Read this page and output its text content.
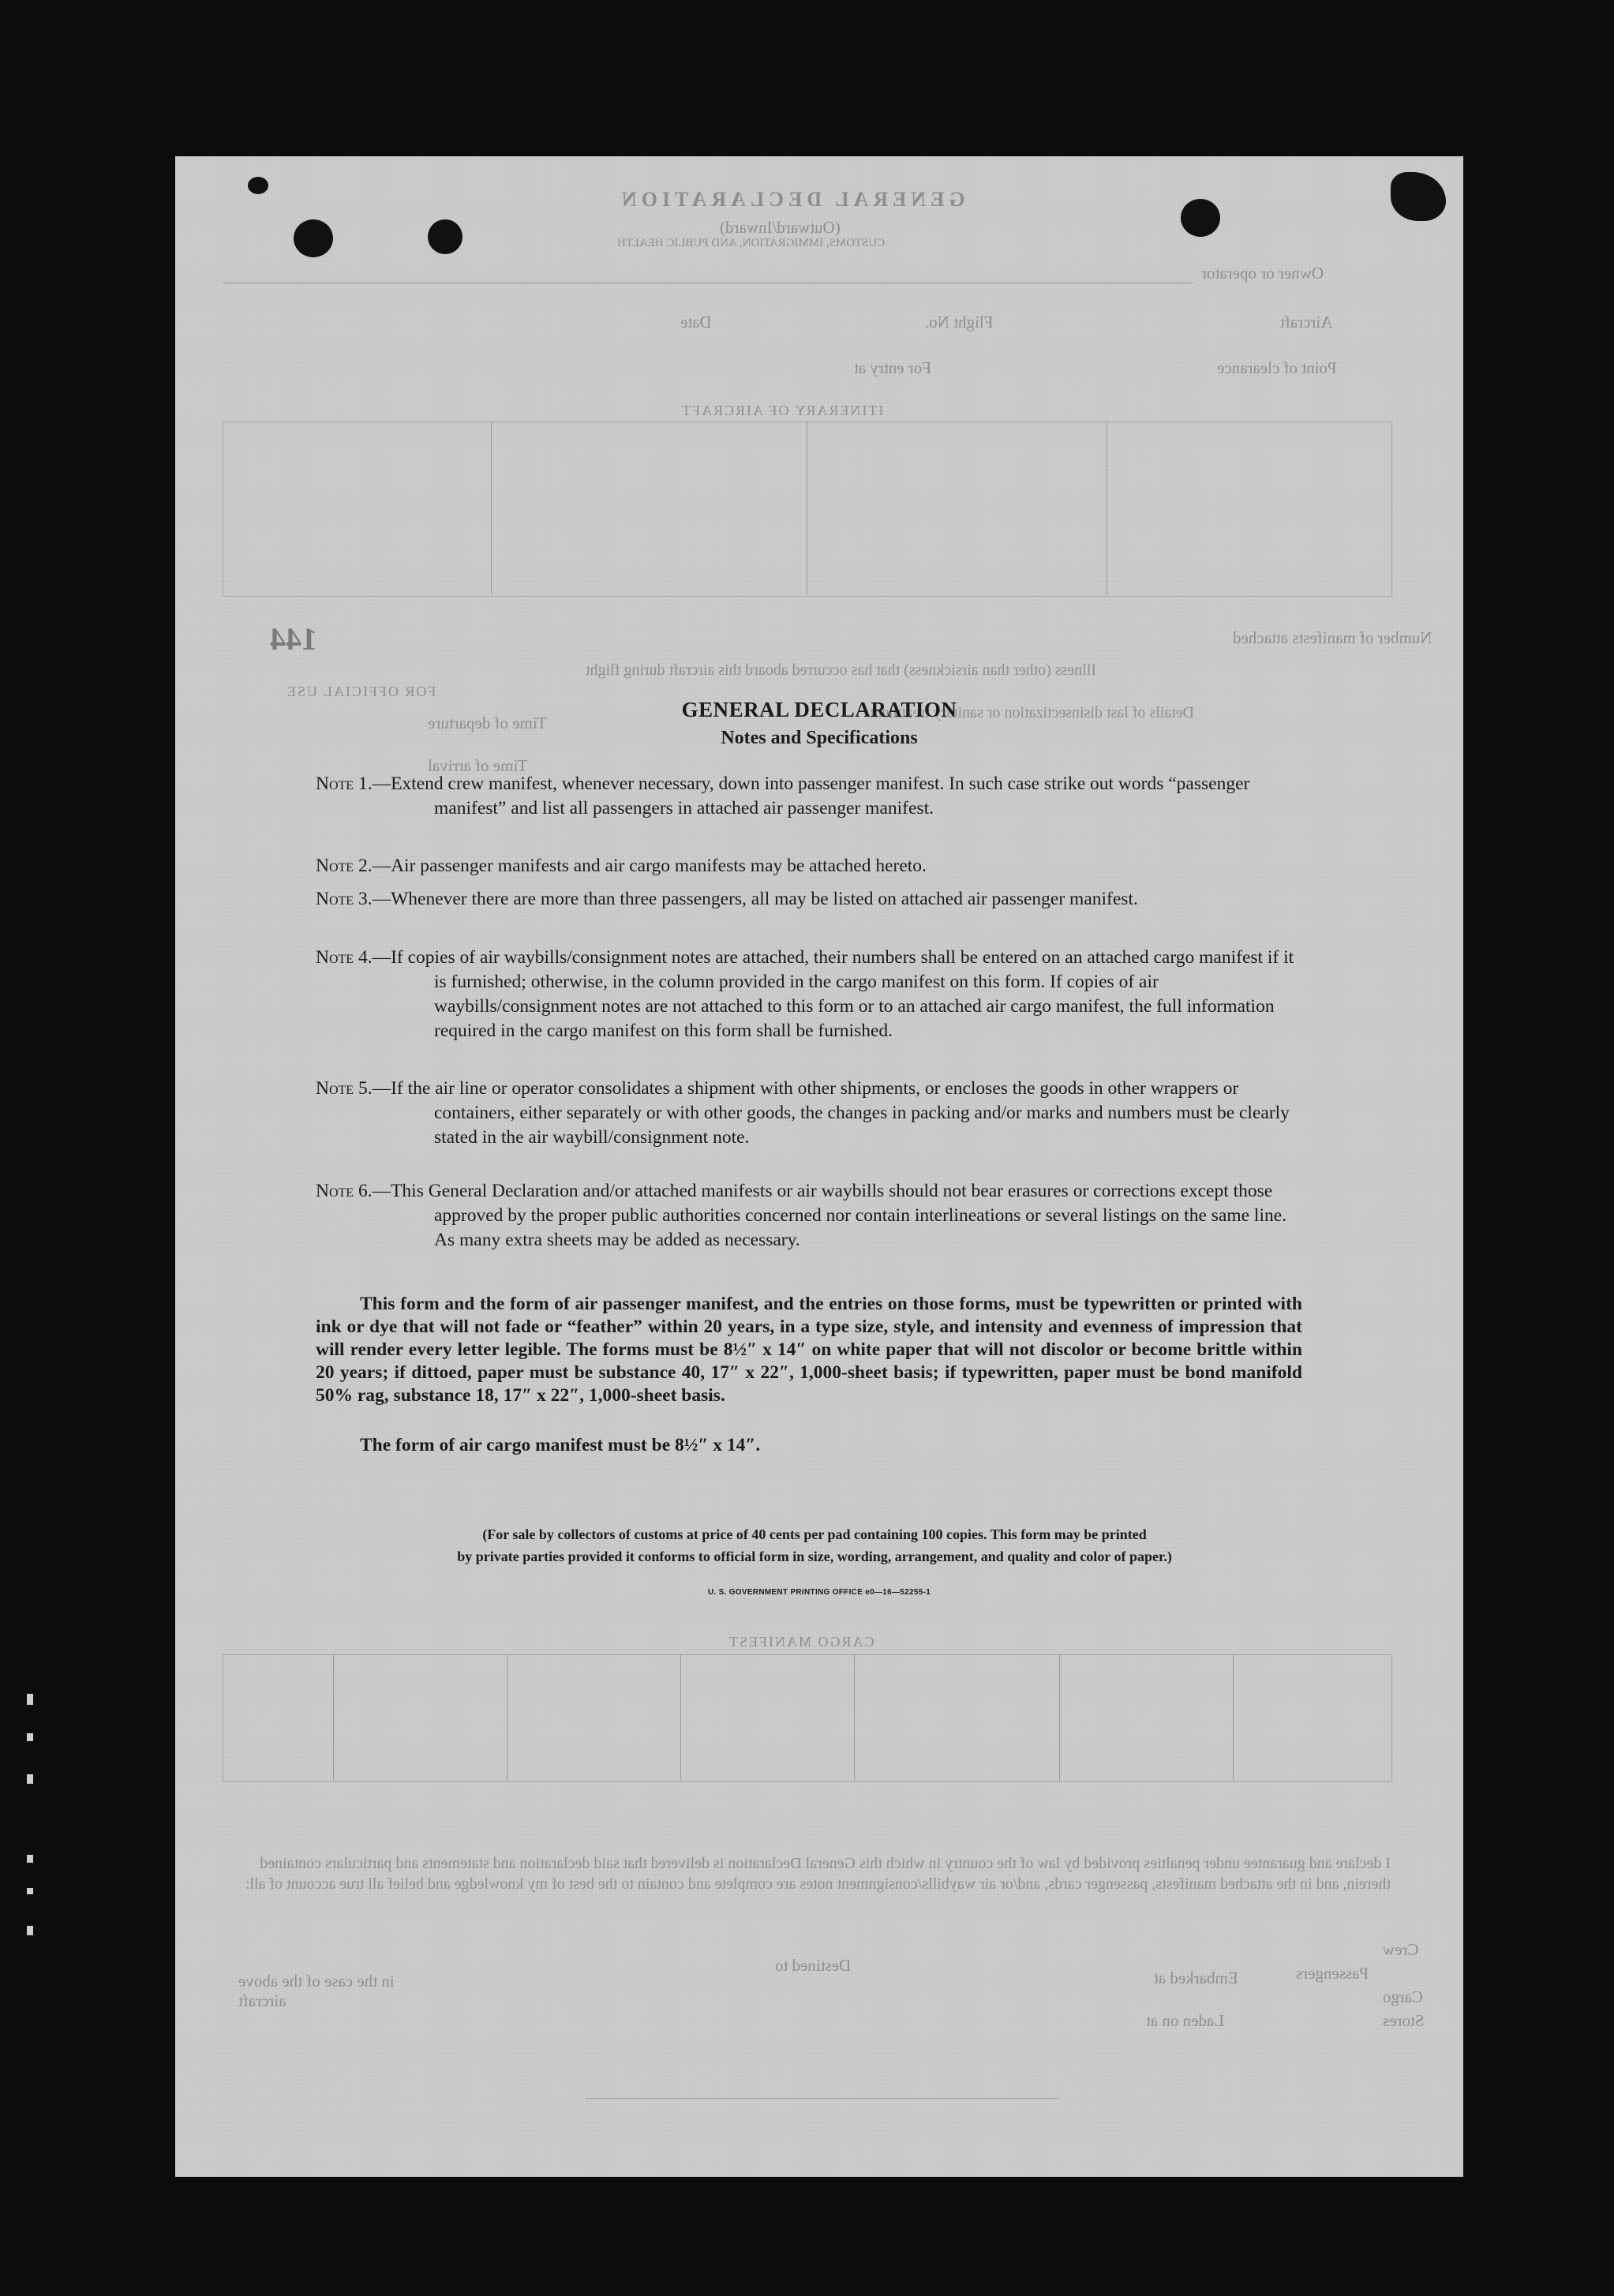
GENERAL DECLARATION
(Outward/Inward)
CUSTOMS, IMMIGRATION, AND PUBLIC HEALTH
Owner or operator
Aircraft
Flight No.
Date
Point of clearance
For entry at
ITINERARY OF AIRCRAFT
Number of manifests attached
144
Illness (other than airsickness) that has occurred aboard this aircraft during flight
Details of last disinsectization or sanitary treatment
FOR OFFICIAL USE
Time of departure
Time of arrival
CARGO MANIFEST
I declare and guarantee under penalties provided by law of the country in which this General Declaration is delivered that said declaration and statements and particulars contained therein, and in the attached manifests, passenger cards, and/or air waybills/consignment notes are complete and contain to the best of my knowledge and belief all true account of all:
Crew
Passengers
Cargo
Stores
Embarked at
Laden on at
Destined to
in the case of the above aircraft
GENERAL DECLARATION
Notes and Specifications
Note 1.—Extend crew manifest, whenever necessary, down into passenger manifest. In such case strike out words “passenger manifest” and list all passengers in attached air passenger manifest.
Note 2.—Air passenger manifests and air cargo manifests may be attached hereto.
Note 3.—Whenever there are more than three passengers, all may be listed on attached air passenger manifest.
Note 4.—If copies of air waybills/consignment notes are attached, their numbers shall be entered on an attached cargo manifest if it is furnished; otherwise, in the column provided in the cargo manifest on this form. If copies of air waybills/consignment notes are not attached to this form or to an attached air cargo manifest, the full information required in the cargo manifest on this form shall be furnished.
Note 5.—If the air line or operator consolidates a shipment with other shipments, or encloses the goods in other wrappers or containers, either separately or with other goods, the changes in packing and/or marks and numbers must be clearly stated in the air waybill/consignment note.
Note 6.—This General Declaration and/or attached manifests or air waybills should not bear erasures or corrections except those approved by the proper public authorities concerned nor contain interlineations or several listings on the same line. As many extra sheets may be added as necessary.
This form and the form of air passenger manifest, and the entries on those forms, must be typewritten or printed with ink or dye that will not fade or “feather” within 20 years, in a type size, style, and intensity and evenness of impression that will render every letter legible. The forms must be 8½″ x 14″ on white paper that will not discolor or become brittle within 20 years; if dittoed, paper must be substance 40, 17″ x 22″, 1,000-sheet basis; if typewritten, paper must be bond manifold 50% rag, substance 18, 17″ x 22″, 1,000-sheet basis.
The form of air cargo manifest must be 8½″ x 14″.
(For sale by collectors of customs at price of 40 cents per pad containing 100 copies. This form may be printed
by private parties provided it conforms to official form in size, wording, arrangement, and quality and color of paper.)
U. S. GOVERNMENT PRINTING OFFICE e0—16—52255-1
